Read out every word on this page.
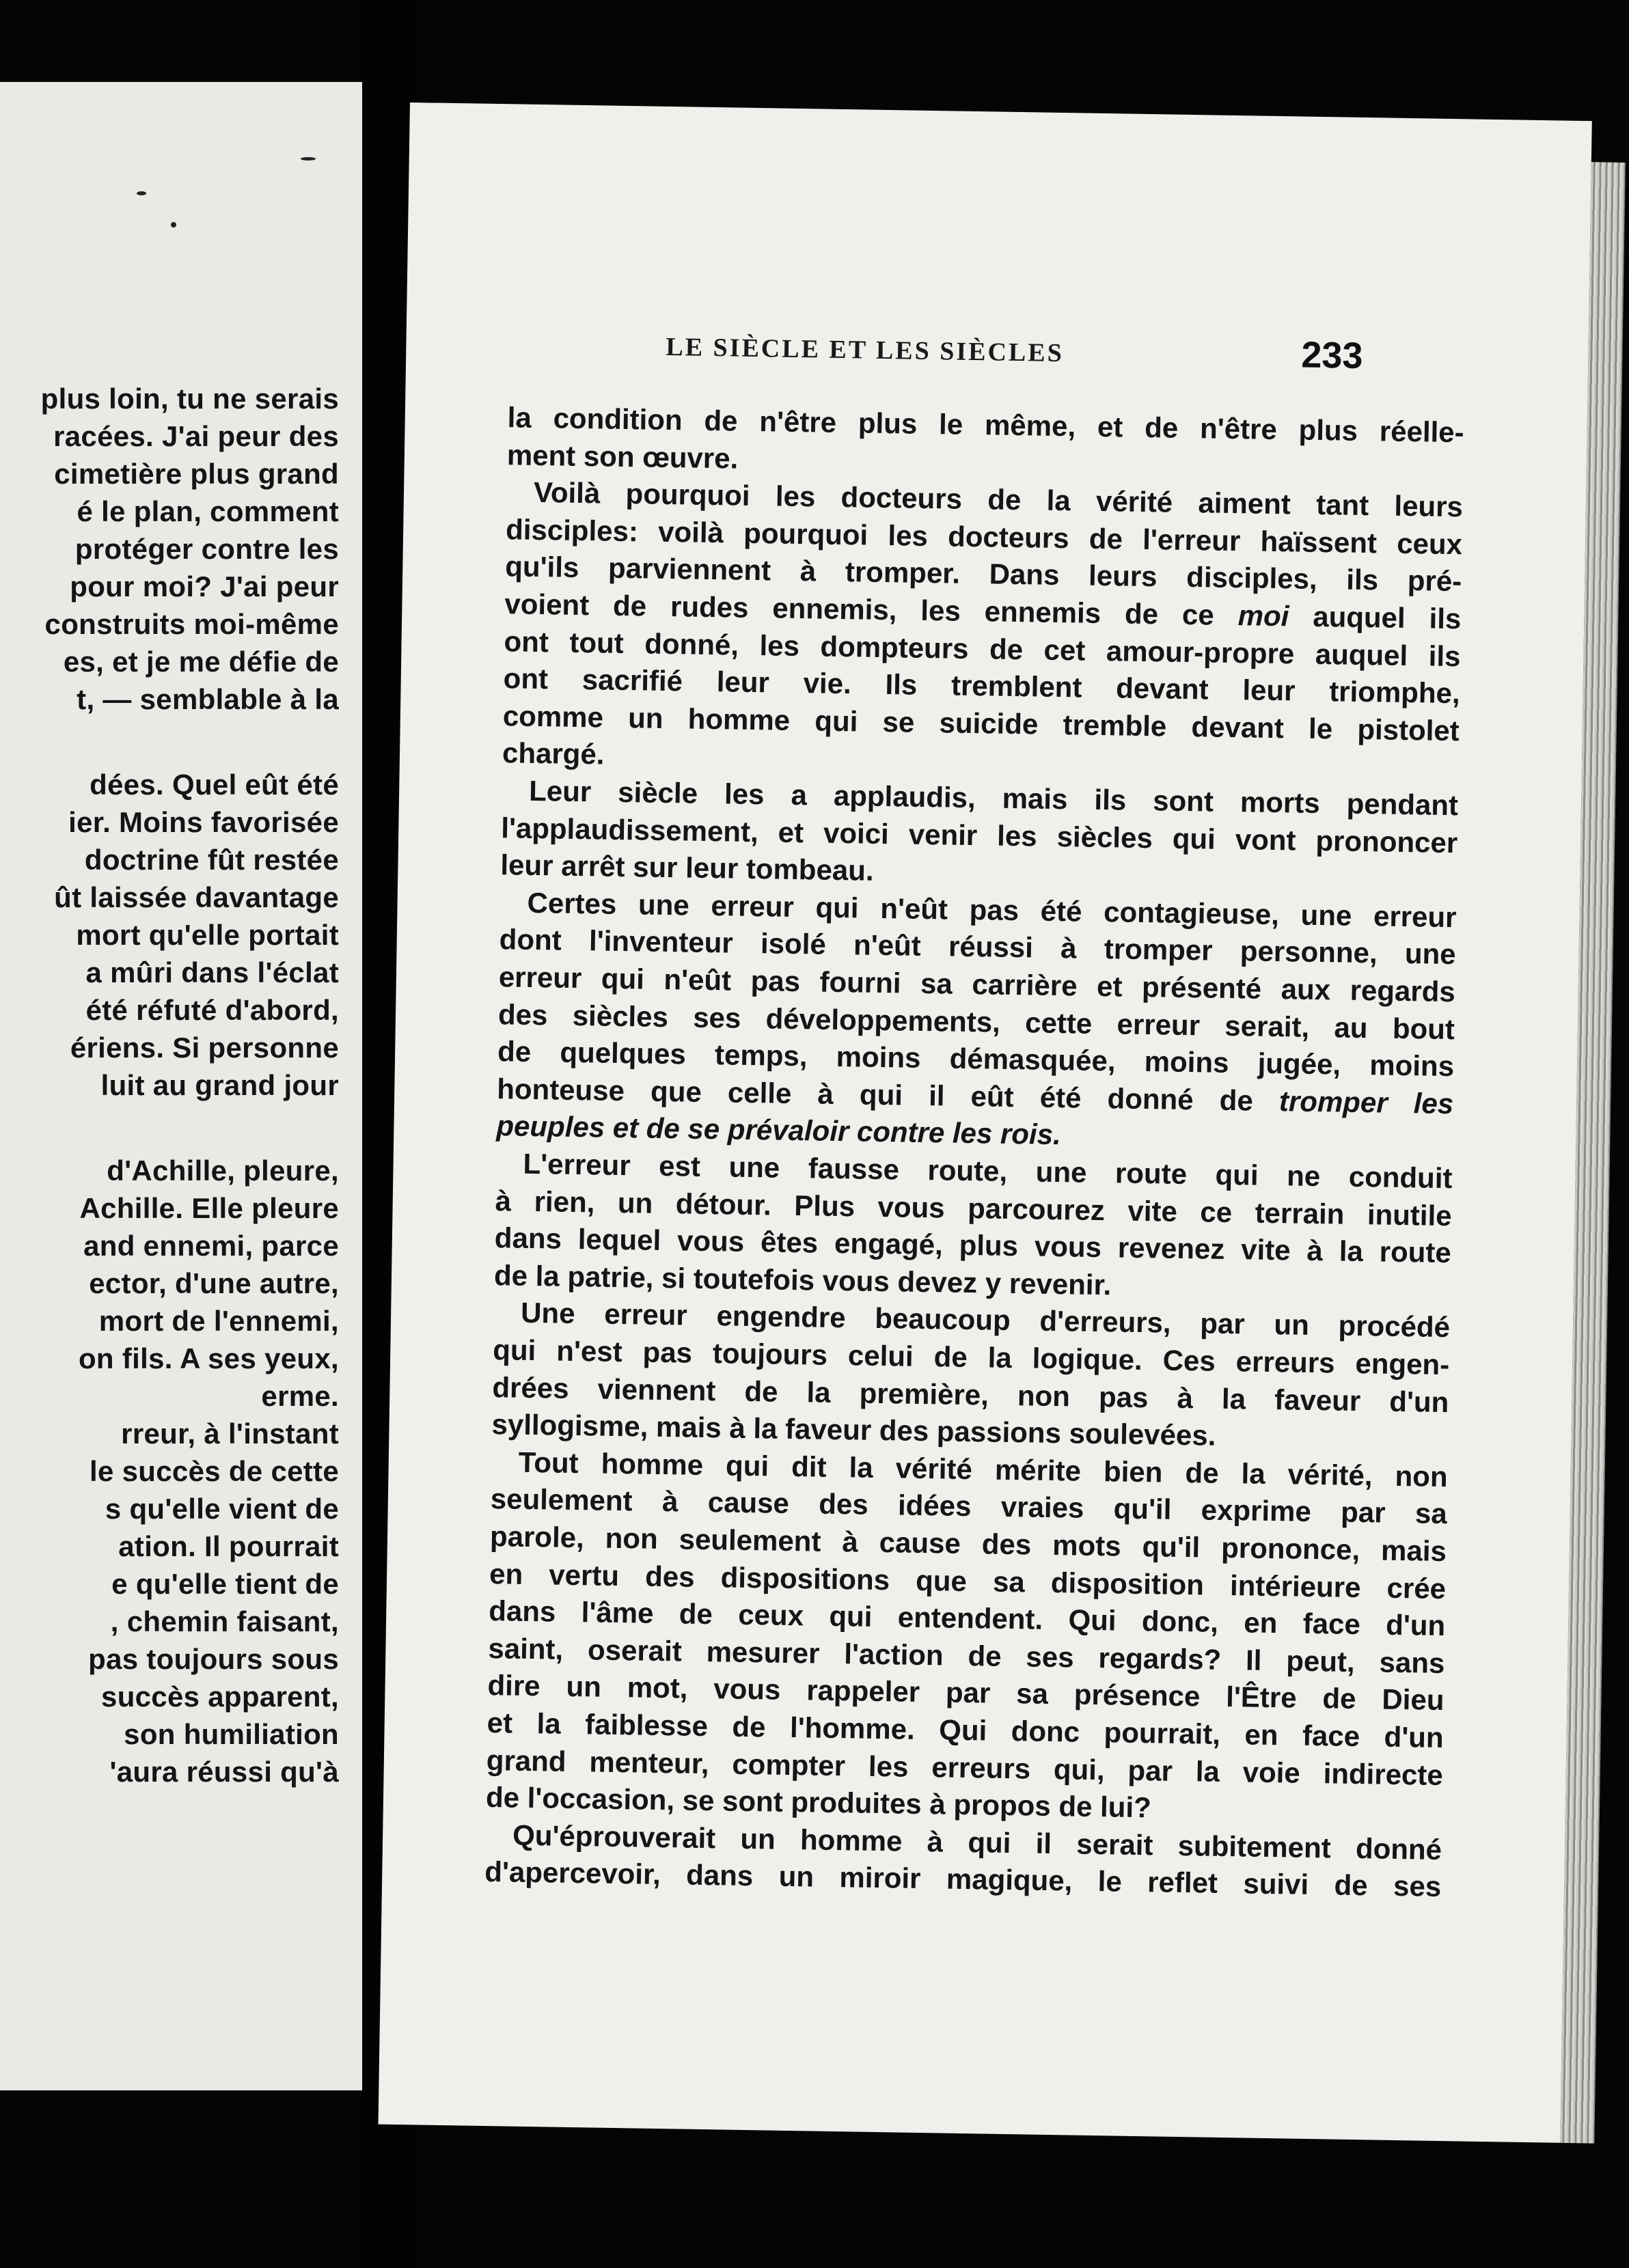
plus loin, tu ne serais
racées. J'ai peur des
cimetière plus grand
é le plan, comment
protéger contre les
pour moi? J'ai peur
construits moi-même
es, et je me défie de
t, — semblable à la
dées. Quel eût été
ier. Moins favorisée
doctrine fût restée
ût laissée davantage
mort qu'elle portait
a mûri dans l'éclat
été réfuté d'abord,
ériens. Si personne
luit au grand jour
d'Achille, pleure,
Achille. Elle pleure
and ennemi, parce
ector, d'une autre,
mort de l'ennemi,
on fils. A ses yeux,
erme.
rreur, à l'instant
le succès de cette
s qu'elle vient de
ation. Il pourrait
e qu'elle tient de
, chemin faisant,
pas toujours sous
succès apparent,
son humiliation
'aura réussi qu'à
LE SIÈCLE ET LES SIÈCLES	233
la condition de n'être plus le même, et de n'être plus réelle-
ment son œuvre.
Voilà pourquoi les docteurs de la vérité aiment tant leurs
disciples: voilà pourquoi les docteurs de l'erreur haïssent ceux
qu'ils parviennent à tromper. Dans leurs disciples, ils pré-
voient de rudes ennemis, les ennemis de ce moi auquel ils
ont tout donné, les dompteurs de cet amour-propre auquel ils
ont sacrifié leur vie. Ils tremblent devant leur triomphe,
comme un homme qui se suicide tremble devant le pistolet
chargé.
Leur siècle les a applaudis, mais ils sont morts pendant
l'applaudissement, et voici venir les siècles qui vont prononcer
leur arrêt sur leur tombeau.
Certes une erreur qui n'eût pas été contagieuse, une erreur
dont l'inventeur isolé n'eût réussi à tromper personne, une
erreur qui n'eût pas fourni sa carrière et présenté aux regards
des siècles ses développements, cette erreur serait, au bout
de quelques temps, moins démasquée, moins jugée, moins
honteuse que celle à qui il eût été donné de tromper les
peuples et de se prévaloir contre les rois.
L'erreur est une fausse route, une route qui ne conduit
à rien, un détour. Plus vous parcourez vite ce terrain inutile
dans lequel vous êtes engagé, plus vous revenez vite à la route
de la patrie, si toutefois vous devez y revenir.
Une erreur engendre beaucoup d'erreurs, par un procédé
qui n'est pas toujours celui de la logique. Ces erreurs engen-
drées viennent de la première, non pas à la faveur d'un
syllogisme, mais à la faveur des passions soulevées.
Tout homme qui dit la vérité mérite bien de la vérité, non
seulement à cause des idées vraies qu'il exprime par sa
parole, non seulement à cause des mots qu'il prononce, mais
en vertu des dispositions que sa disposition intérieure crée
dans l'âme de ceux qui entendent. Qui donc, en face d'un
saint, oserait mesurer l'action de ses regards? Il peut, sans
dire un mot, vous rappeler par sa présence l'Être de Dieu
et la faiblesse de l'homme. Qui donc pourrait, en face d'un
grand menteur, compter les erreurs qui, par la voie indirecte
de l'occasion, se sont produites à propos de lui?
Qu'éprouverait un homme à qui il serait subitement donné
d'apercevoir, dans un miroir magique, le reflet suivi de ses
